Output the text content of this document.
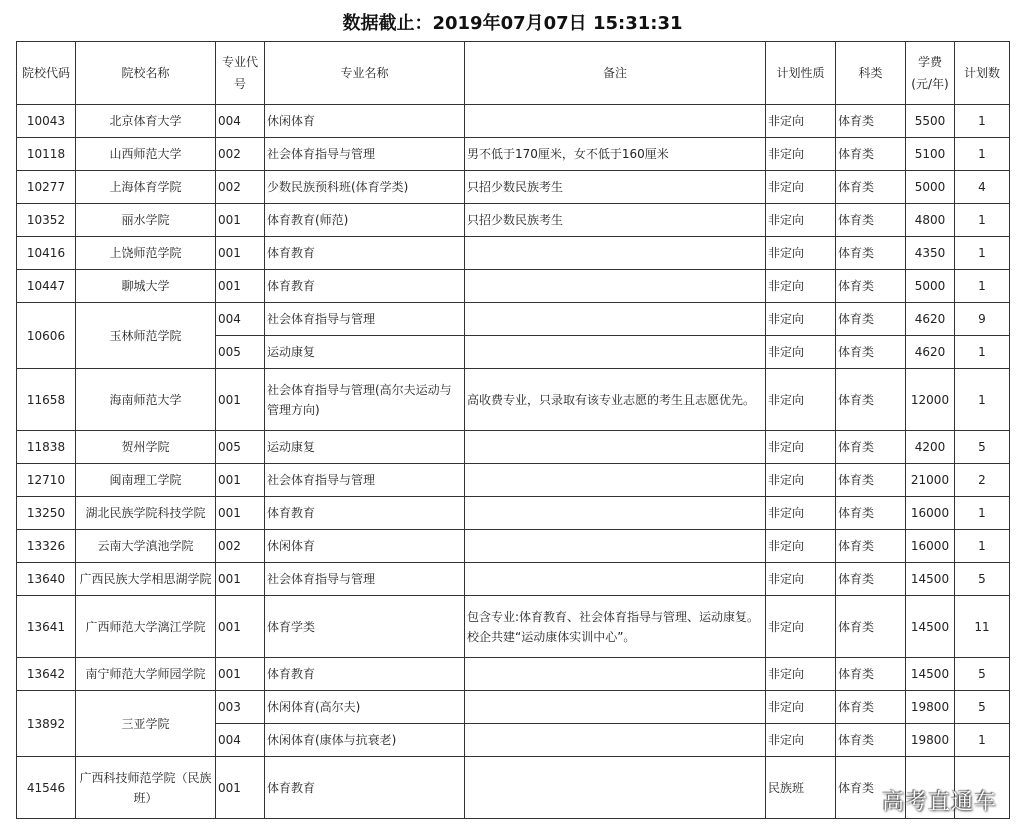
数据截止：2019年07月07日 15:31:31
院校代码	院校名称	专业代号	专业名称	备注	计划性质	科类	学费(元/年)	计划数
10043	北京体育大学	004	休闲体育		非定向	体育类	5500	1
10118	山西师范大学	002	社会体育指导与管理	男不低于170厘米，女不低于160厘米	非定向	体育类	5100	1
10277	上海体育学院	002	少数民族预科班(体育学类)	只招少数民族考生	非定向	体育类	5000	4
10352	丽水学院	001	体育教育(师范)	只招少数民族考生	非定向	体育类	4800	1
10416	上饶师范学院	001	体育教育		非定向	体育类	4350	1
10447	聊城大学	001	体育教育		非定向	体育类	5000	1
10606	玉林师范学院	004	社会体育指导与管理		非定向	体育类	4620	9
		005	运动康复		非定向	体育类	4620	1
11658	海南师范大学	001	社会体育指导与管理(高尔夫运动与管理方向)	高收费专业，只录取有该专业志愿的考生且志愿优先。	非定向	体育类	12000	1
11838	贺州学院	005	运动康复		非定向	体育类	4200	5
12710	闽南理工学院	001	社会体育指导与管理		非定向	体育类	21000	2
13250	湖北民族学院科技学院	001	体育教育		非定向	体育类	16000	1
13326	云南大学滇池学院	002	休闲体育		非定向	体育类	16000	1
13640	广西民族大学相思湖学院	001	社会体育指导与管理		非定向	体育类	14500	5
13641	广西师范大学漓江学院	001	体育学类	包含专业:体育教育、社会体育指导与管理、运动康复。校企共建“运动康体实训中心”。	非定向	体育类	14500	11
13642	南宁师范大学师园学院	001	体育教育		非定向	体育类	14500	5
13892	三亚学院	003	休闲体育(高尔夫)		非定向	体育类	19800	5
		004	休闲体育(康体与抗衰老)		非定向	体育类	19800	1
41546	广西科技师范学院（民族班）	001	体育教育		民族班	体育类		
高考直通车
